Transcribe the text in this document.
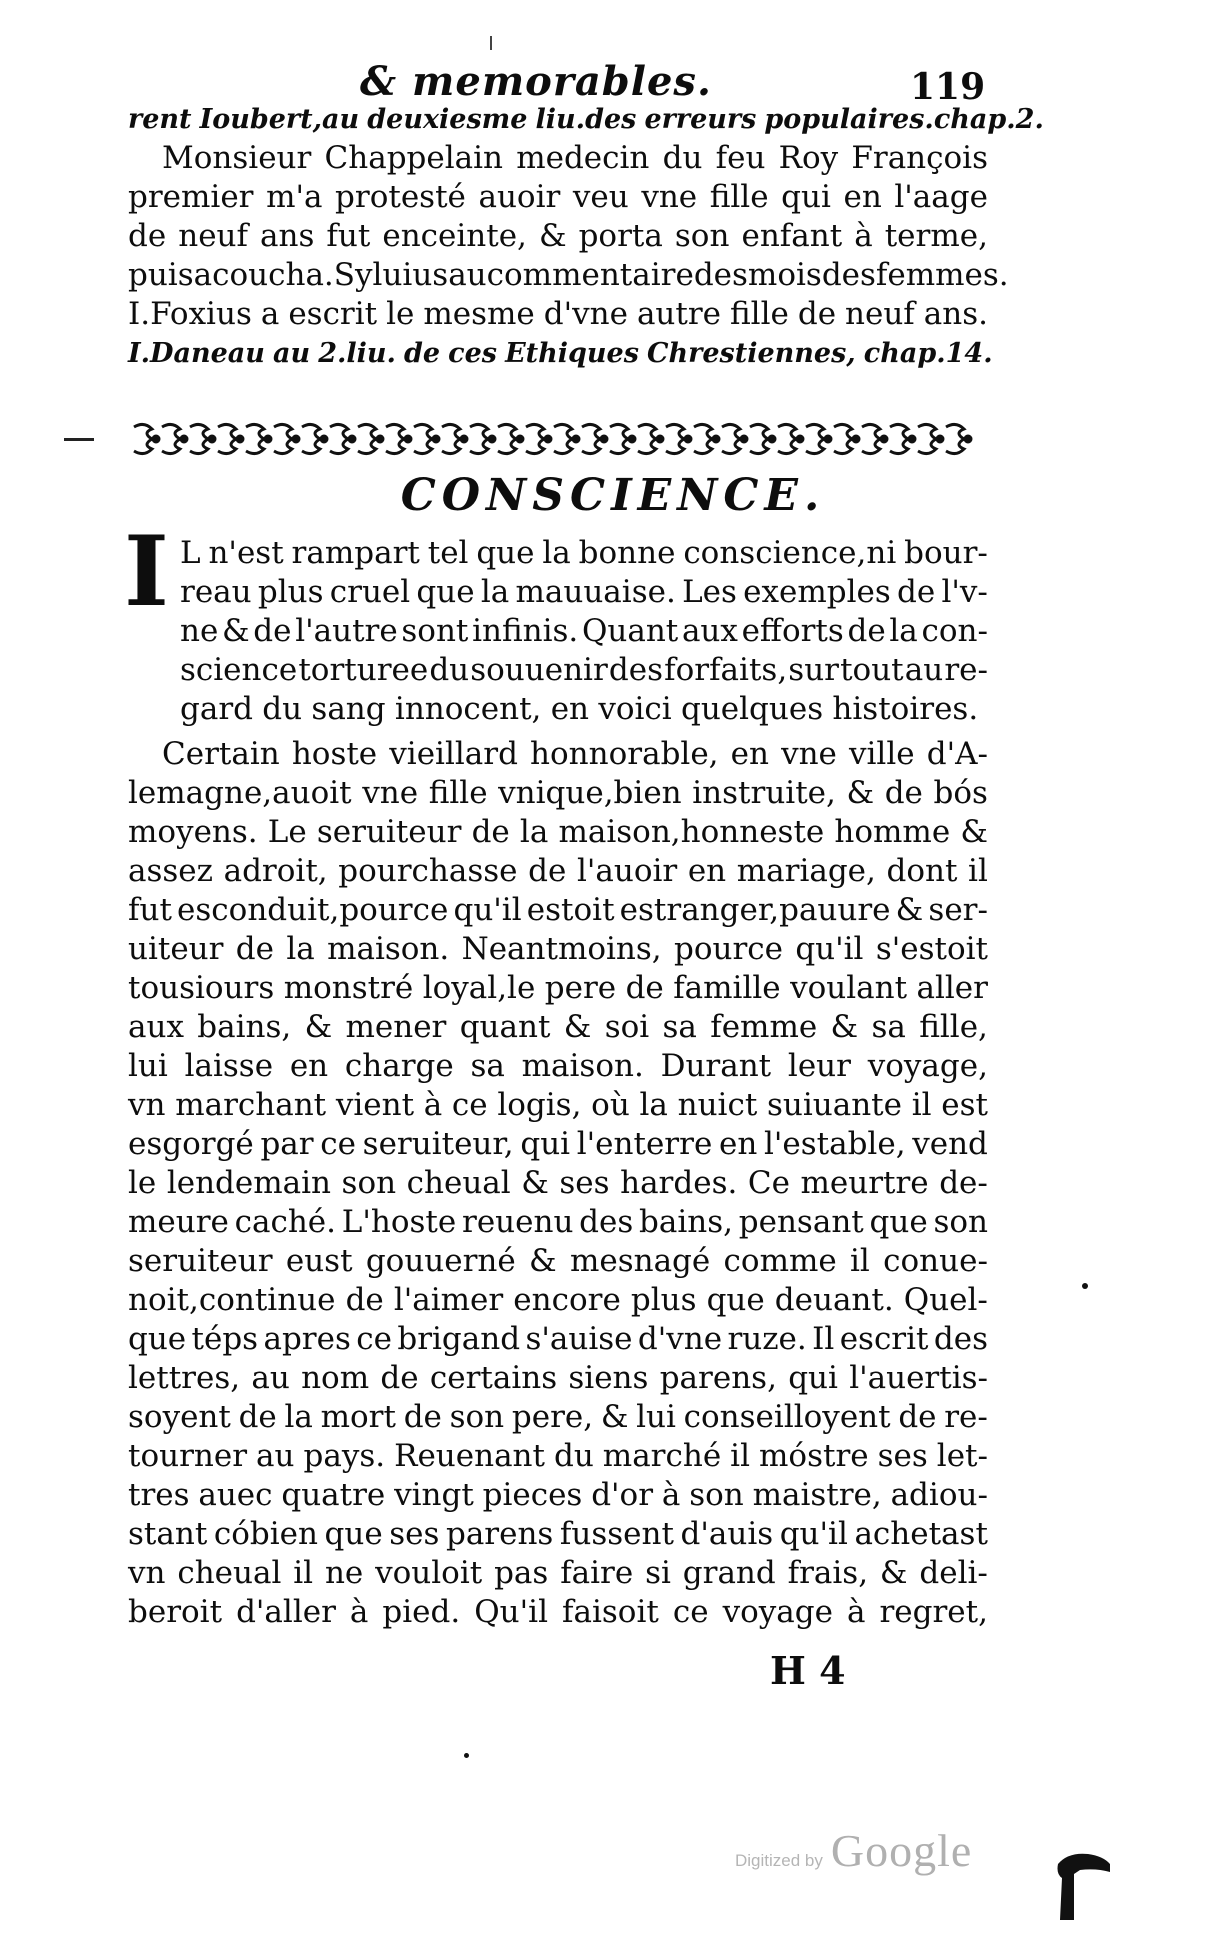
& memorables.	119
rent Ioubert,au deuxiesme liu.des erreurs populaires.chap.2.
Monsieur Chappelain medecin du feu Roy François
premier m'a protesté auoir veu vne fille qui en l'aage
de neuf ans fut enceinte, & porta son enfant à terme,
puis acoucha. Syluius au commentaire des mois des femmes.
I.Foxius a escrit le mesme d'vne autre fille de neuf ans.
I.Daneau au 2.liu. de ces Ethiques Chrestiennes, chap.14.
CONSCIENCE.
I L n'est rampart tel que la bonne conscience,ni bour-
reau plus cruel que la mauuaise. Les exemples de l'v-
ne & de l'autre sont infinis. Quant aux efforts de la con-
science torturee du souuenir des forfaits, sur tout au re-
gard du sang innocent, en voici quelques histoires.
Certain hoste vieillard honnorable, en vne ville d'A-
lemagne,auoit vne fille vnique,bien instruite, & de bós
moyens. Le seruiteur de la maison,honneste homme &
assez adroit, pourchasse de l'auoir en mariage, dont il
fut esconduit,pource qu'il estoit estranger,pauure & ser-
uiteur de la maison. Neantmoins, pource qu'il s'estoit
tousiours monstré loyal,le pere de famille voulant aller
aux bains, & mener quant & soi sa femme & sa fille,
lui laisse en charge sa maison. Durant leur voyage,
vn marchant vient à ce logis, où la nuict suiuante il est
esgorgé par ce seruiteur, qui l'enterre en l'estable, vend
le lendemain son cheual & ses hardes. Ce meurtre de-
meure caché. L'hoste reuenu des bains, pensant que son
seruiteur eust gouuerné & mesnagé comme il conue-
noit,continue de l'aimer encore plus que deuant. Quel-
que téps apres ce brigand s'auise d'vne ruze. Il escrit des
lettres, au nom de certains siens parens, qui l'auertis-
soyent de la mort de son pere, & lui conseilloyent de re-
tourner au pays. Reuenant du marché il móstre ses let-
tres auec quatre vingt pieces d'or à son maistre, adiou-
stant cóbien que ses parens fussent d'auis qu'il achetast
vn cheual il ne vouloit pas faire si grand frais, & deli-
beroit d'aller à pied. Qu'il faisoit ce voyage à regret,
H 4
Digitized by Google
